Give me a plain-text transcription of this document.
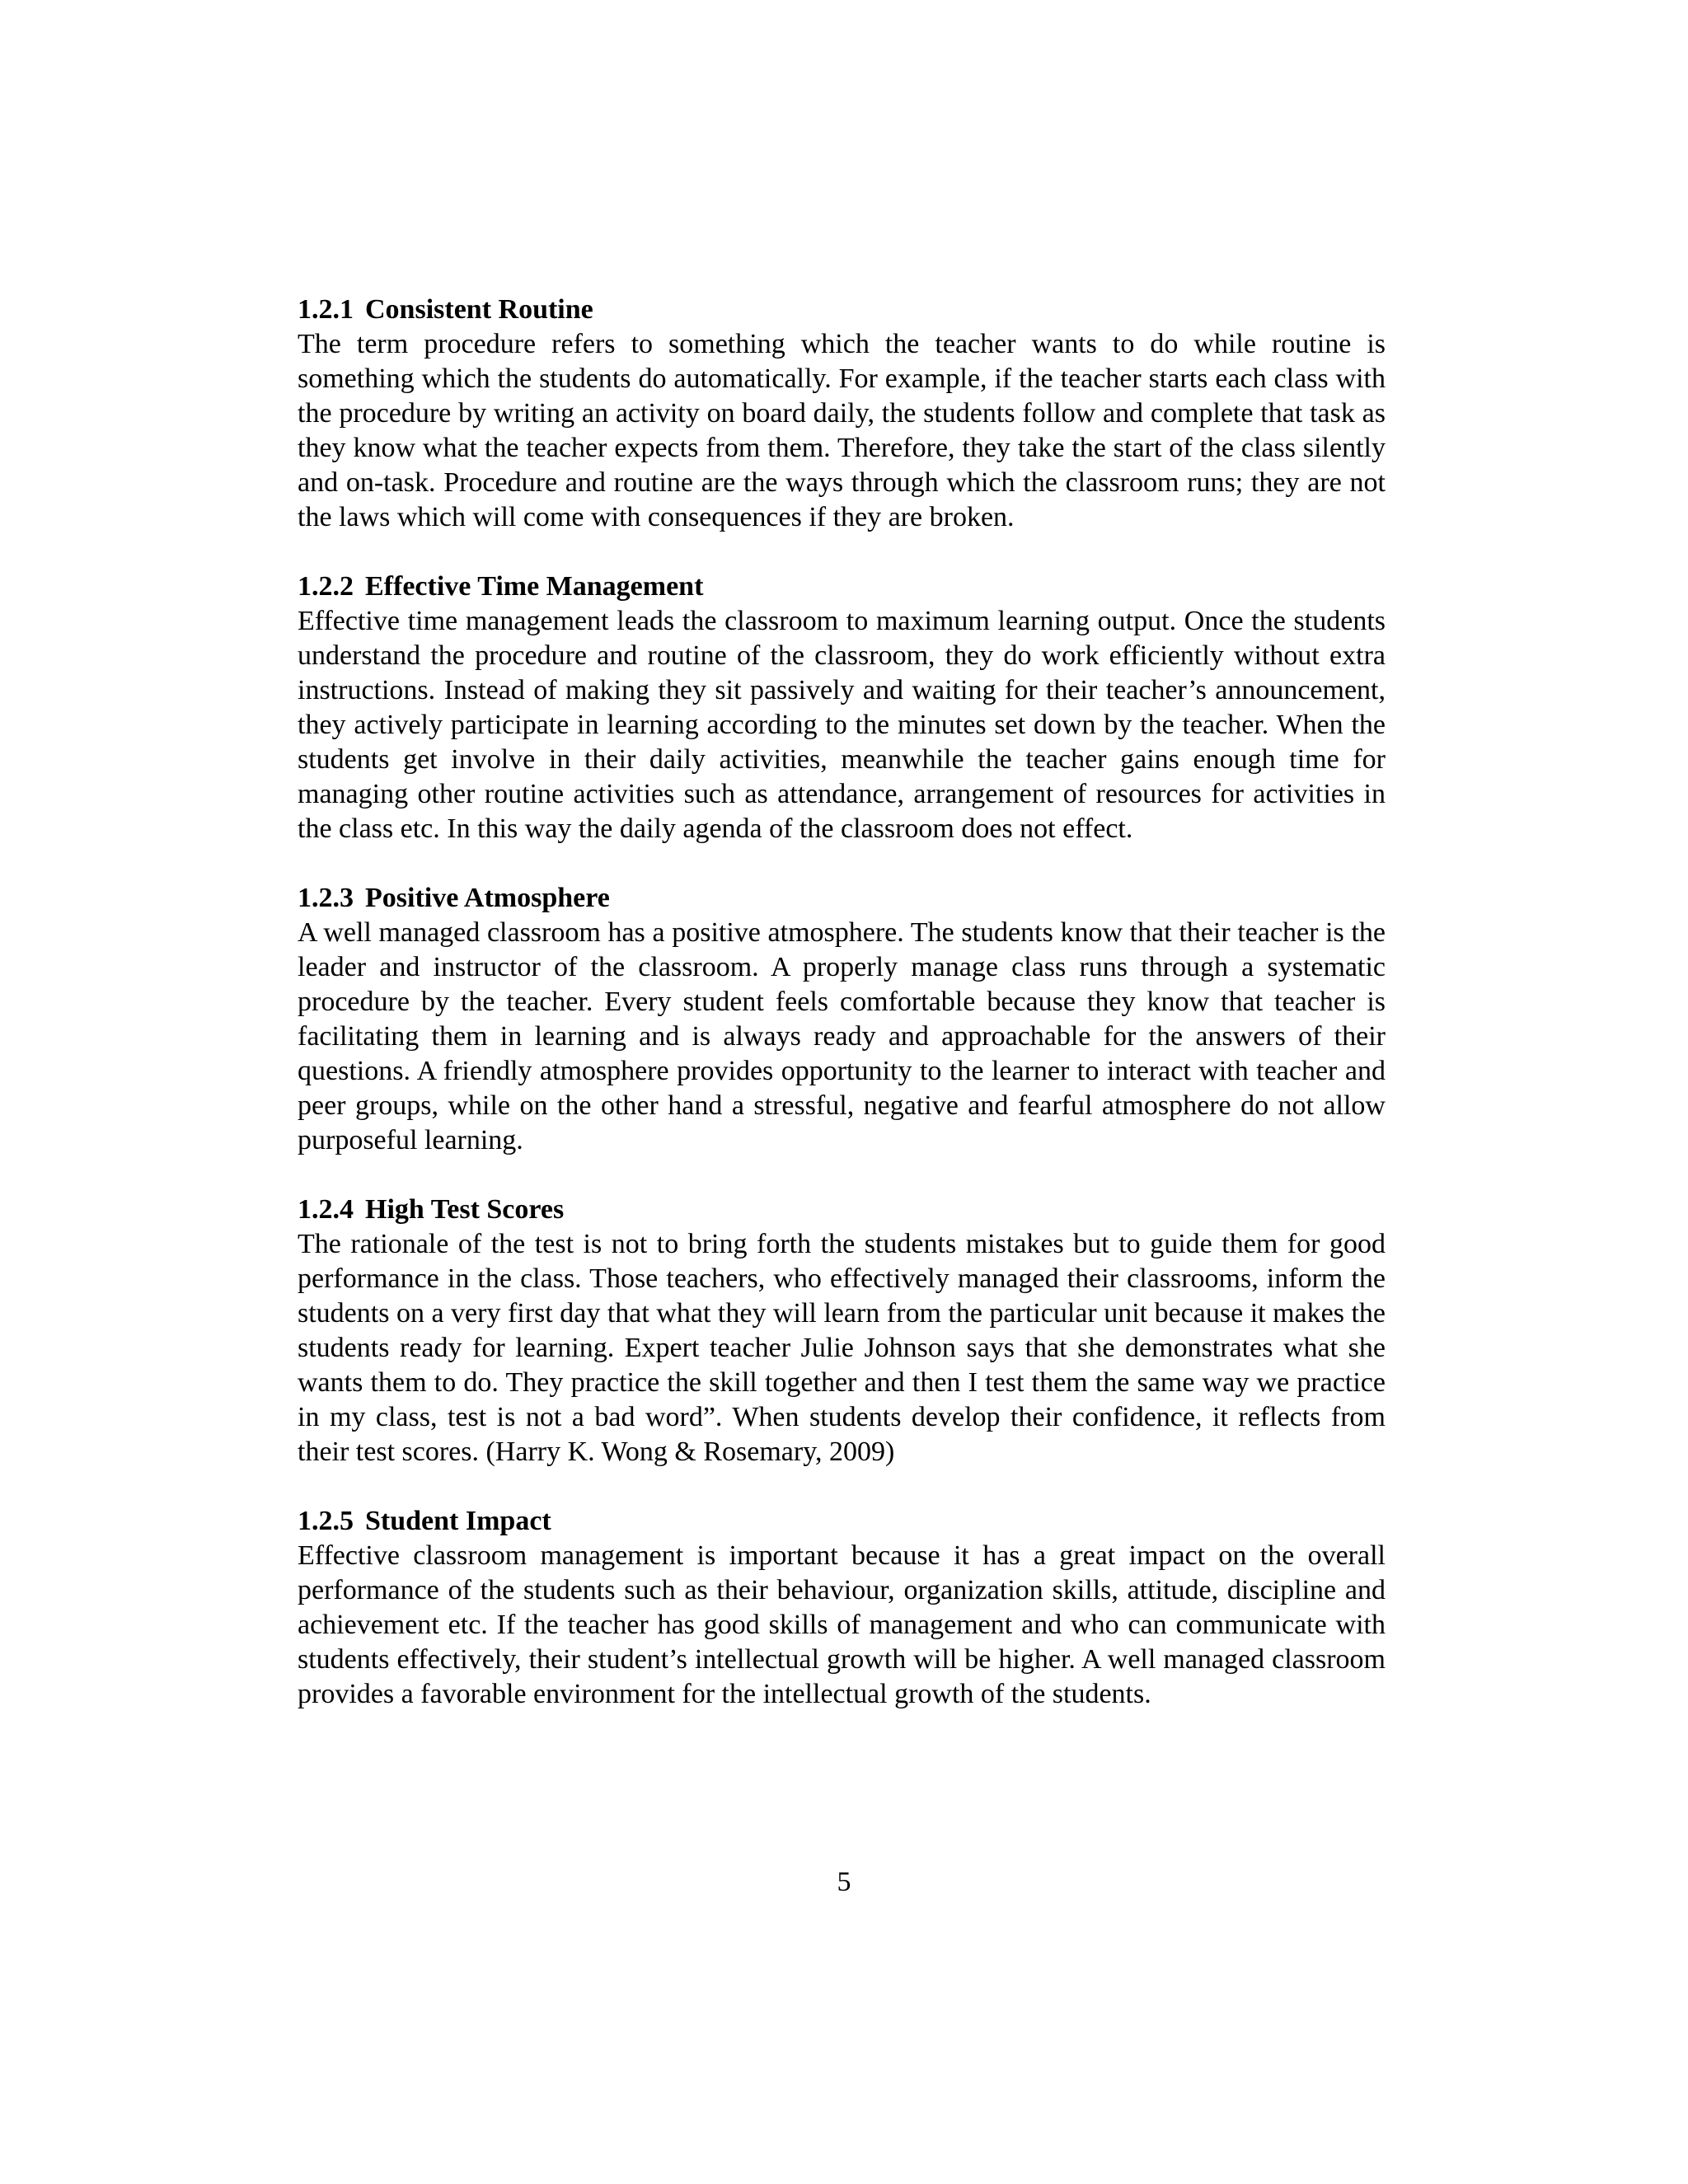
1.2.1 Consistent Routine

The term procedure refers to something which the teacher wants to do while routine is something which the students do automatically. For example, if the teacher starts each class with the procedure by writing an activity on board daily, the students follow and complete that task as they know what the teacher expects from them. Therefore, they take the start of the class silently and on-task. Procedure and routine are the ways through which the classroom runs; they are not the laws which will come with consequences if they are broken.

1.2.2 Effective Time Management

Effective time management leads the classroom to maximum learning output. Once the students understand the procedure and routine of the classroom, they do work efficiently without extra instructions. Instead of making they sit passively and waiting for their teacher’s announcement, they actively participate in learning according to the minutes set down by the teacher. When the students get involve in their daily activities, meanwhile the teacher gains enough time for managing other routine activities such as attendance, arrangement of resources for activities in the class etc. In this way the daily agenda of the classroom does not effect.

1.2.3 Positive Atmosphere

A well managed classroom has a positive atmosphere. The students know that their teacher is the leader and instructor of the classroom. A properly manage class runs through a systematic procedure by the teacher. Every student feels comfortable because they know that teacher is facilitating them in learning and is always ready and approachable for the answers of their questions. A friendly atmosphere provides opportunity to the learner to interact with teacher and peer groups, while on the other hand a stressful, negative and fearful atmosphere do not allow purposeful learning.

1.2.4 High Test Scores

The rationale of the test is not to bring forth the students mistakes but to guide them for good performance in the class. Those teachers, who effectively managed their classrooms, inform the students on a very first day that what they will learn from the particular unit because it makes the students ready for learning. Expert teacher Julie Johnson says that she demonstrates what she wants them to do. They practice the skill together and then I test them the same way we practice in my class, test is not a bad word”. When students develop their confidence, it reflects from their test scores. (Harry K. Wong & Rosemary, 2009)

1.2.5 Student Impact

Effective classroom management is important because it has a great impact on the overall performance of the students such as their behaviour, organization skills, attitude, discipline and achievement etc. If the teacher has good skills of management and who can communicate with students effectively, their student’s intellectual growth will be higher. A well managed classroom provides a favorable environment for the intellectual growth of the students.

5
